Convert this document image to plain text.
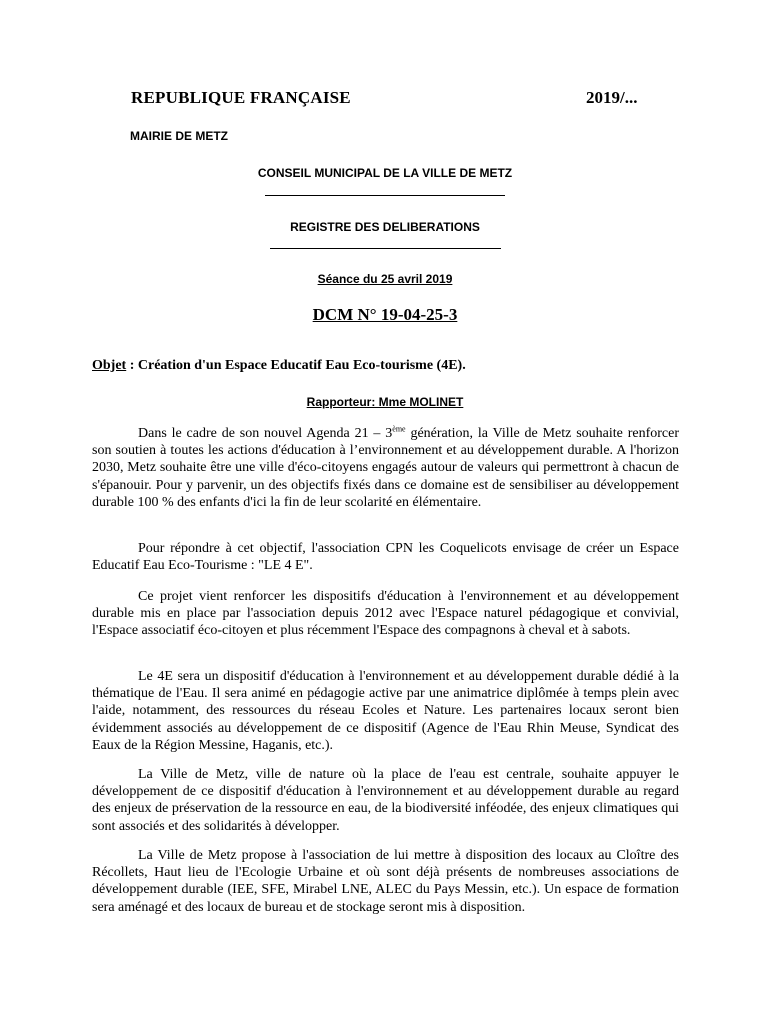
REPUBLIQUE FRANÇAISE	2019/...
MAIRIE DE METZ
CONSEIL MUNICIPAL DE LA VILLE DE METZ
REGISTRE DES DELIBERATIONS
Séance du 25 avril 2019
DCM N° 19-04-25-3
Objet : Création d'un Espace Educatif Eau Eco-tourisme (4E).
Rapporteur: Mme MOLINET

Dans le cadre de son nouvel Agenda 21 – 3ème génération, la Ville de Metz souhaite renforcer son soutien à toutes les actions d'éducation à l’environnement et au développement durable. A l'horizon 2030, Metz souhaite être une ville d'éco-citoyens engagés autour de valeurs qui permettront à chacun de s'épanouir. Pour y parvenir, un des objectifs fixés dans ce domaine est de sensibiliser au développement durable 100 % des enfants d'ici la fin de leur scolarité en élémentaire.

Pour répondre à cet objectif, l'association CPN les Coquelicots envisage de créer un Espace Educatif Eau Eco-Tourisme : "LE 4 E".

Ce projet vient renforcer les dispositifs d'éducation à l'environnement et au développement durable mis en place par l'association depuis 2012 avec l'Espace naturel pédagogique et convivial, l'Espace associatif éco-citoyen et plus récemment l'Espace des compagnons à cheval et à sabots.

Le 4E sera un dispositif d'éducation à l'environnement et au développement durable dédié à la thématique de l'Eau. Il sera animé en pédagogie active par une animatrice diplômée à temps plein avec l'aide, notamment, des ressources du réseau Ecoles et Nature. Les partenaires locaux seront bien évidemment associés au développement de ce dispositif (Agence de l'Eau Rhin Meuse, Syndicat des Eaux de la Région Messine, Haganis, etc.).

La Ville de Metz, ville de nature où la place de l'eau est centrale, souhaite appuyer le développement de ce dispositif d'éducation à l'environnement et au développement durable au regard des enjeux de préservation de la ressource en eau, de la biodiversité inféodée, des enjeux climatiques qui sont associés et des solidarités à développer.

La Ville de Metz propose à l'association de lui mettre à disposition des locaux au Cloître des Récollets, Haut lieu de l'Ecologie Urbaine et où sont déjà présents de nombreuses associations de développement durable (IEE, SFE, Mirabel LNE, ALEC du Pays Messin, etc.). Un espace de formation sera aménagé et des locaux de bureau et de stockage seront mis à disposition.
